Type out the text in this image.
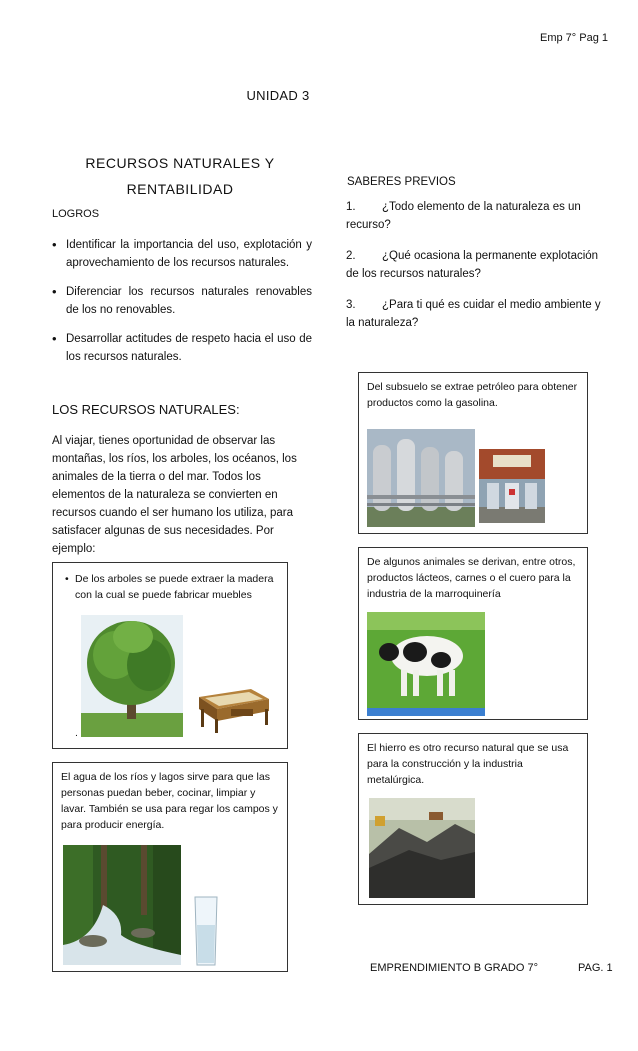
Emp 7° Pag 1
UNIDAD 3
RECURSOS NATURALES Y
RENTABILIDAD
LOGROS
• Identificar la importancia del uso, explotación y aprovechamiento de los recursos naturales.
• Diferenciar los recursos naturales renovables de los no renovables.
• Desarrollar actitudes de respeto hacia el uso de los recursos naturales.
LOS RECURSOS NATURALES:
Al viajar, tienes oportunidad de observar las montañas, los ríos, los arboles, los océanos, los animales de la tierra o del mar. Todos los elementos de la naturaleza se convierten en recursos cuando el ser humano los utiliza, para satisfacer algunas de sus necesidades. Por ejemplo:
• De los arboles se puede extraer la madera con la cual se puede fabricar muebles
.
El agua de los ríos y lagos sirve para que las personas puedan beber, cocinar, limpiar y lavar. También se usa para regar los campos y para producir energía.
SABERES PREVIOS
1. ¿Todo elemento de la naturaleza es un recurso?
2. ¿Qué ocasiona la permanente explotación de los recursos naturales?
3. ¿Para ti qué es cuidar el medio ambiente y la naturaleza?
Del subsuelo se extrae petróleo para obtener productos como la gasolina.
De algunos animales se derivan, entre otros, productos lácteos, carnes o el cuero para la industria de la marroquinería
El hierro es otro recurso natural que se usa para la construcción y la industria metalúrgica.
EMPRENDIMIENTO B GRADO 7°	PAG. 1
